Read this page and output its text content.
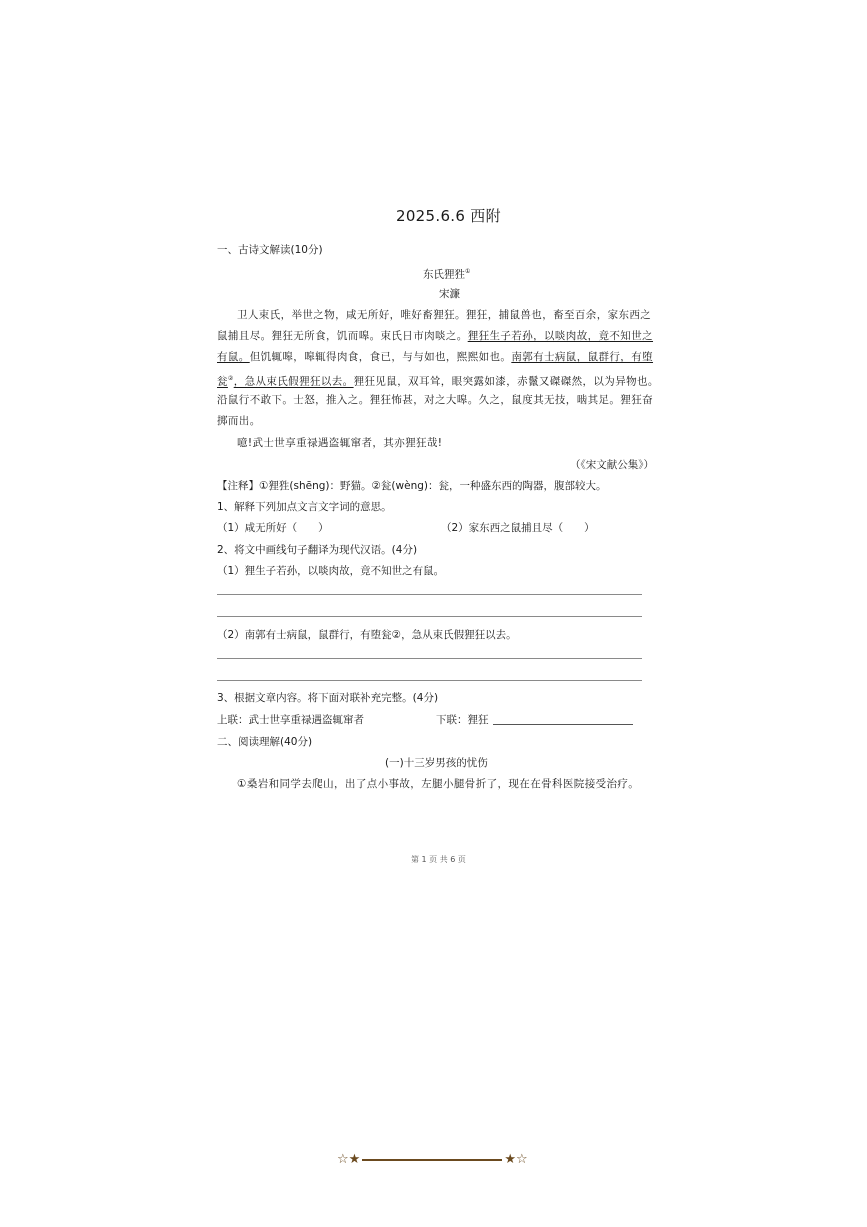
2025.6.6 西附
一、古诗文解读(10分)
东氏狸狌①
宋濂
卫人束氏，举世之物，咸无所好，唯好畜狸狂。狸狂，捕鼠兽也，畜至百余，家东西之
鼠捕且尽。狸狂无所食，饥而嗥。束氏日市肉啖之。狸狂生子若孙，以啖肉故，竟不知世之
有鼠。但饥辄嗥，嗥辄得肉食，食已，与与如也，熙熙如也。南郭有士病鼠，鼠群行，有堕
瓮②，急从束氏假狸狂以去。狸狂见鼠，双耳耸，眼突露如漆，赤鬣又磔磔然，以为异物也。
沿鼠行不敢下。士怒，推入之。狸狂怖甚，对之大嗥。久之，鼠度其无技，啮其足。狸狂奋
掷而出。
噫!武士世享重禄遇盗辄窜者，其亦狸狂哉!
（《宋文献公集》）
【注释】①狸狌(shēng)：野猫。②瓮(wèng)：瓮，一种盛东西的陶器，腹部较大。
1、解释下列加点文言文字词的意思。
（1）咸无所好（　　）	（2）家东西之鼠捕且尽（　　）
2、将文中画线句子翻译为现代汉语。(4分)
（1）狸生子若孙，以啖肉故，竟不知世之有鼠。
（2）南郭有士病鼠，鼠群行，有堕瓮②，急从束氏假狸狂以去。
3、根据文章内容。将下面对联补充完整。(4分)
上联：武士世享重禄遇盗辄窜者	下联：狸狂
二、阅读理解(40分)
(一)十三岁男孩的忧伤
①桑岩和同学去爬山，出了点小事故，左腿小腿骨折了，现在在骨科医院接受治疗。
第 1 页 共 6 页
☆★	★☆
